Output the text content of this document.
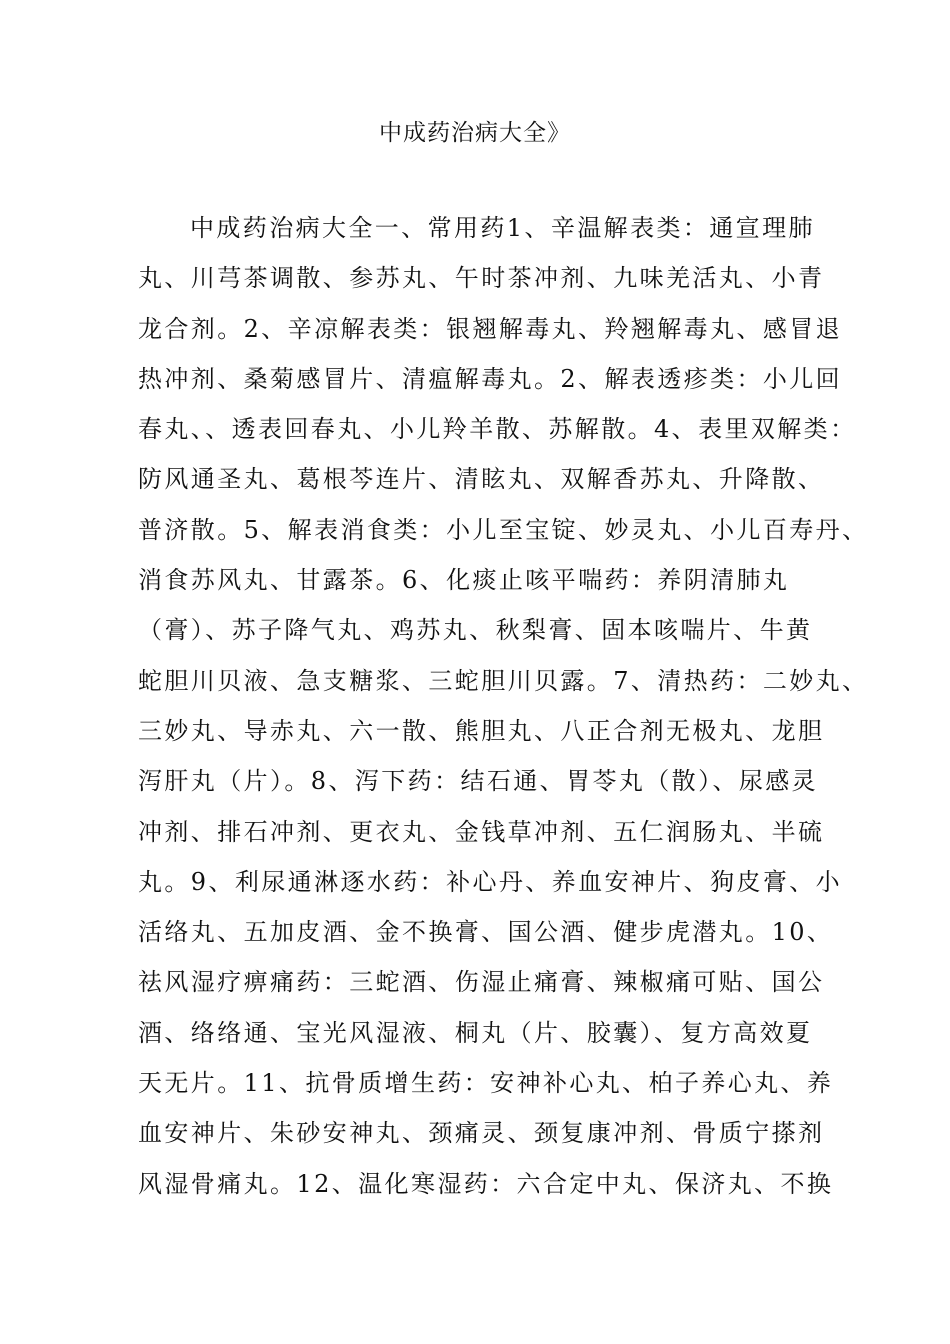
中成药治病大全》
中成药治病大全一、常用药1、辛温解表类：通宣理肺
丸、川芎茶调散、参苏丸、午时茶冲剂、九味羌活丸、小青
龙合剂。2、辛凉解表类：银翘解毒丸、羚翘解毒丸、感冒退
热冲剂、桑菊感冒片、清瘟解毒丸。2、解表透疹类：小儿回
春丸、、透表回春丸、小儿羚羊散、苏解散。4、表里双解类：
防风通圣丸、葛根芩连片、清眩丸、双解香苏丸、升降散、
普济散。5、解表消食类：小儿至宝锭、妙灵丸、小儿百寿丹、
消食苏风丸、甘露茶。6、化痰止咳平喘药：养阴清肺丸
（膏）、苏子降气丸、鸡苏丸、秋梨膏、固本咳喘片、牛黄
蛇胆川贝液、急支糖浆、三蛇胆川贝露。7、清热药：二妙丸、
三妙丸、导赤丸、六一散、熊胆丸、八正合剂无极丸、龙胆
泻肝丸（片）。8、泻下药：结石通、胃苓丸（散）、尿感灵
冲剂、排石冲剂、更衣丸、金钱草冲剂、五仁润肠丸、半硫
丸。9、利尿通淋逐水药：补心丹、养血安神片、狗皮膏、小
活络丸、五加皮酒、金不换膏、国公酒、健步虎潜丸。10、
祛风湿疗痹痛药：三蛇酒、伤湿止痛膏、辣椒痛可贴、国公
酒、络络通、宝光风湿液、桐丸（片、胶囊）、复方高效夏
天无片。11、抗骨质增生药：安神补心丸、柏子养心丸、养
血安神片、朱砂安神丸、颈痛灵、颈复康冲剂、骨质宁搽剂
风湿骨痛丸。12、温化寒湿药：六合定中丸、保济丸、不换
